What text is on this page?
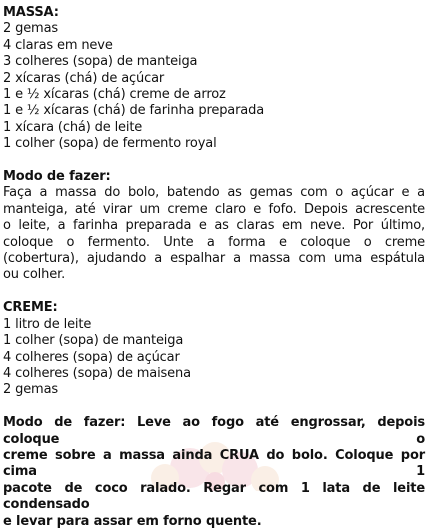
MASSA:
2 gemas
4 claras em neve
3 colheres (sopa) de manteiga
2 xícaras (chá) de açúcar
1 e ½ xícaras (chá) creme de arroz
1 e ½ xícaras (chá) de farinha preparada
1 xícara (chá) de leite
1 colher (sopa) de fermento royal
Modo de fazer:
Faça a massa do bolo, batendo as gemas com o açúcar e a
manteiga, até virar um creme claro e fofo. Depois acrescente
o leite, a farinha preparada e as claras em neve. Por último,
coloque o fermento. Unte a forma e coloque o creme
(cobertura), ajudando a espalhar a massa com uma espátula
ou colher.
CREME:
1 litro de leite
1 colher (sopa) de manteiga
4 colheres (sopa) de açúcar
4 colheres (sopa) de maisena
2 gemas
Modo de fazer: Leve ao fogo até engrossar, depois coloque o
creme sobre a massa ainda CRUA do bolo. Coloque por cima 1
pacote de coco ralado. Regar com 1 lata de leite condensado
e levar para assar em forno quente.
